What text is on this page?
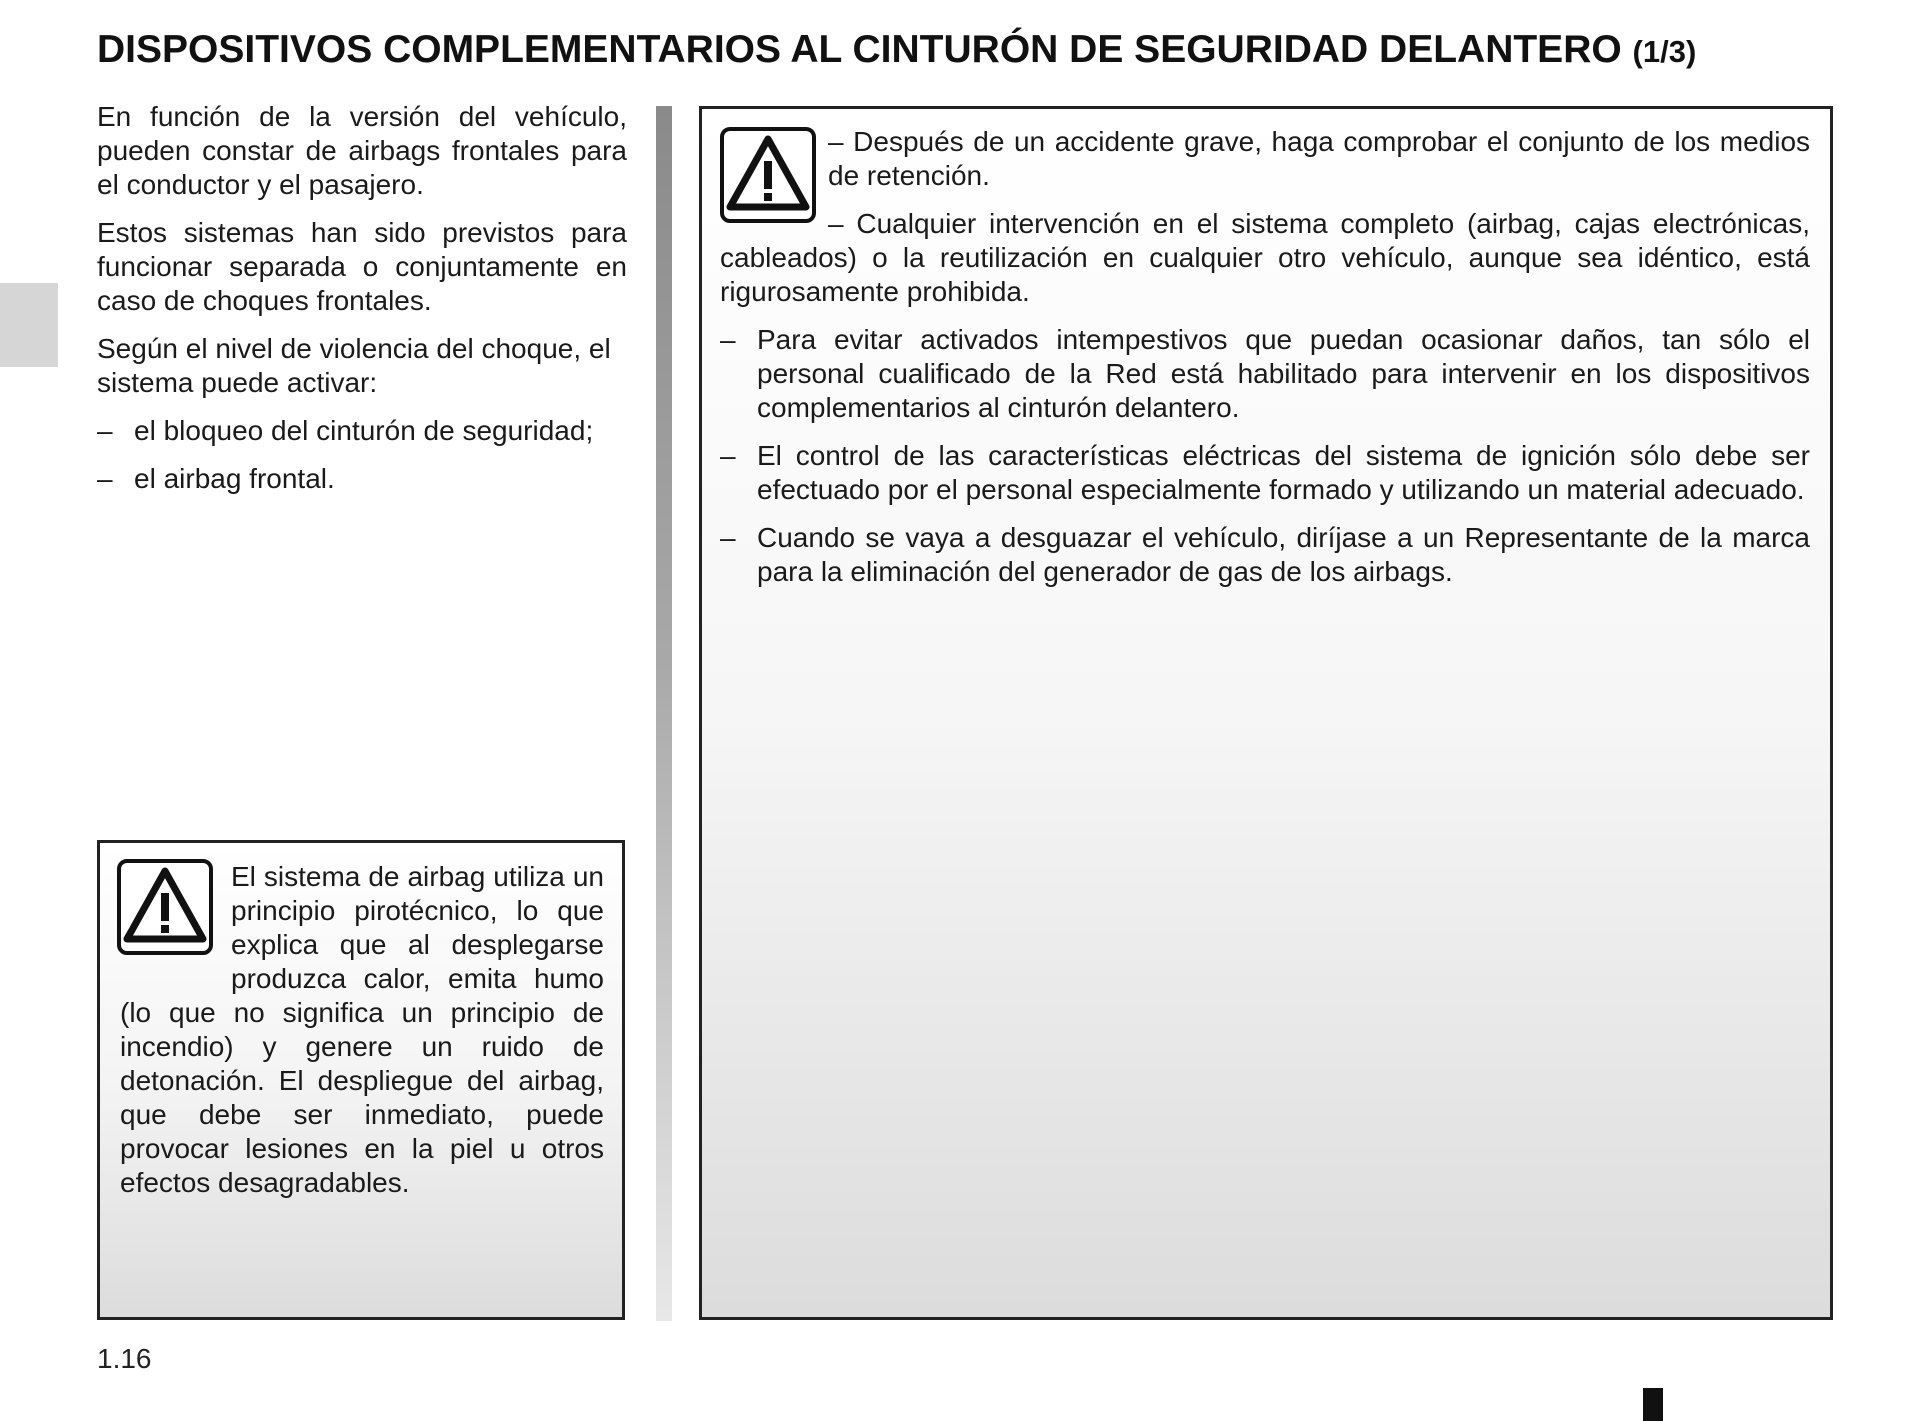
DISPOSITIVOS COMPLEMENTARIOS AL CINTURÓN DE SEGURIDAD DELANTERO (1/3)

En función de la versión del vehículo, pueden constar de airbags frontales para el conductor y el pasajero.

Estos sistemas han sido previstos para funcionar separada o conjuntamente en caso de choques frontales.

Según el nivel de violencia del choque, el sistema puede activar:

– el bloqueo del cinturón de seguridad;
– el airbag frontal.
El sistema de airbag utiliza un principio pirotécnico, lo que explica que al desplegarse produzca calor, emita humo (lo que no significa un principio de incendio) y genere un ruido de detonación. El despliegue del airbag, que debe ser inmediato, puede provocar lesiones en la piel u otros efectos desagradables.
– Después de un accidente grave, haga comprobar el conjunto de los medios de retención.
– Cualquier intervención en el sistema completo (airbag, cajas electrónicas, cableados) o la reutilización en cualquier otro vehículo, aunque sea idéntico, está rigurosamente prohibida.
– Para evitar activados intempestivos que puedan ocasionar daños, tan sólo el personal cualificado de la Red está habilitado para intervenir en los dispositivos complementarios al cinturón delantero.
– El control de las características eléctricas del sistema de ignición sólo debe ser efectuado por el personal especialmente formado y utilizando un material adecuado.
– Cuando se vaya a desguazar el vehículo, diríjase a un Representante de la marca para la eliminación del generador de gas de los airbags.
1.16
